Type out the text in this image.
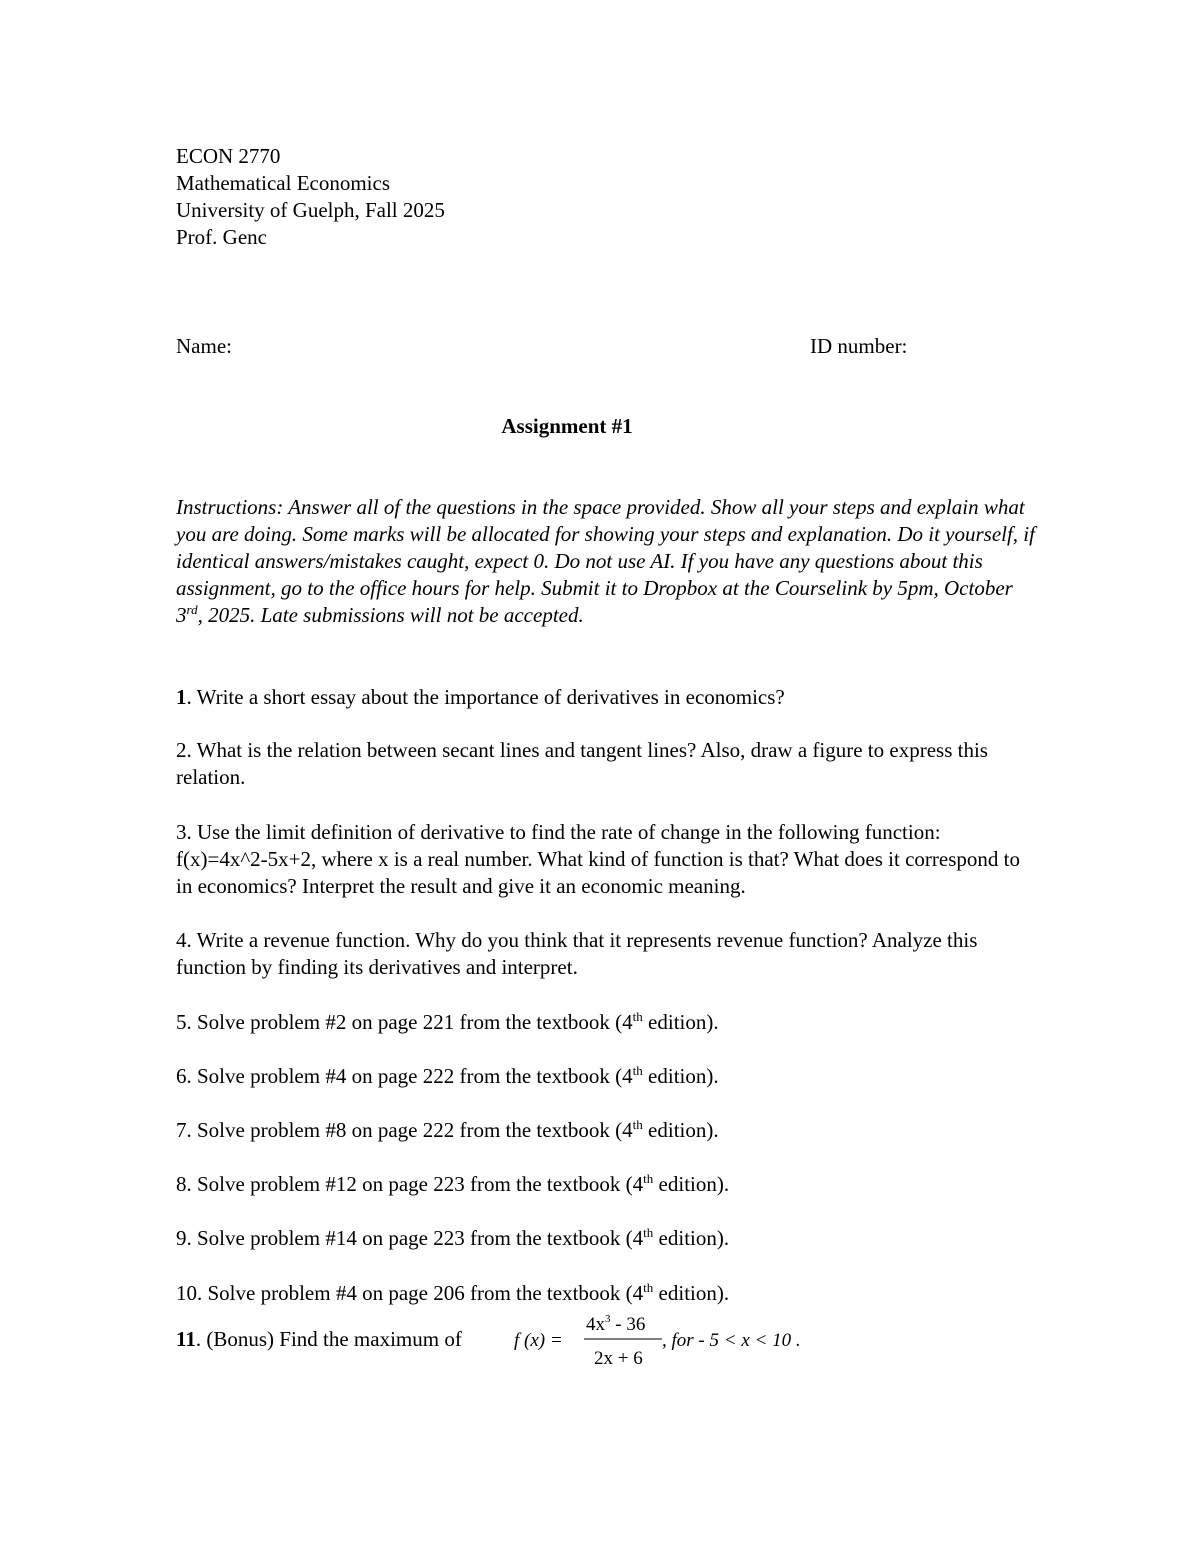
ECON 2770
Mathematical Economics
University of Guelph, Fall 2025
Prof. Genc
Name:	ID number:
Assignment #1
Instructions: Answer all of the questions in the space provided. Show all your steps and explain what you are doing. Some marks will be allocated for showing your steps and explanation. Do it yourself, if identical answers/mistakes caught, expect 0. Do not use AI. If you have any questions about this assignment, go to the office hours for help. Submit it to Dropbox at the Courselink by 5pm, October 3rd, 2025. Late submissions will not be accepted.
1. Write a short essay about the importance of derivatives in economics?
2. What is the relation between secant lines and tangent lines? Also, draw a figure to express this relation.
3. Use the limit definition of derivative to find the rate of change in the following function: f(x)=4x^2-5x+2, where x is a real number. What kind of function is that? What does it correspond to in economics? Interpret the result and give it an economic meaning.
4. Write a revenue function. Why do you think that it represents revenue function? Analyze this function by finding its derivatives and interpret.
5. Solve problem #2 on page 221 from the textbook (4th edition).
6. Solve problem #4 on page 222 from the textbook (4th edition).
7. Solve problem #8 on page 222 from the textbook (4th edition).
8. Solve problem #12 on page 223 from the textbook (4th edition).
9. Solve problem #14 on page 223 from the textbook (4th edition).
10. Solve problem #4 on page 206 from the textbook (4th edition).
11. (Bonus) Find the maximum of	f (x) =
$4x^3 - 36$
2x + 6
, for - 5 < x < 10 .
